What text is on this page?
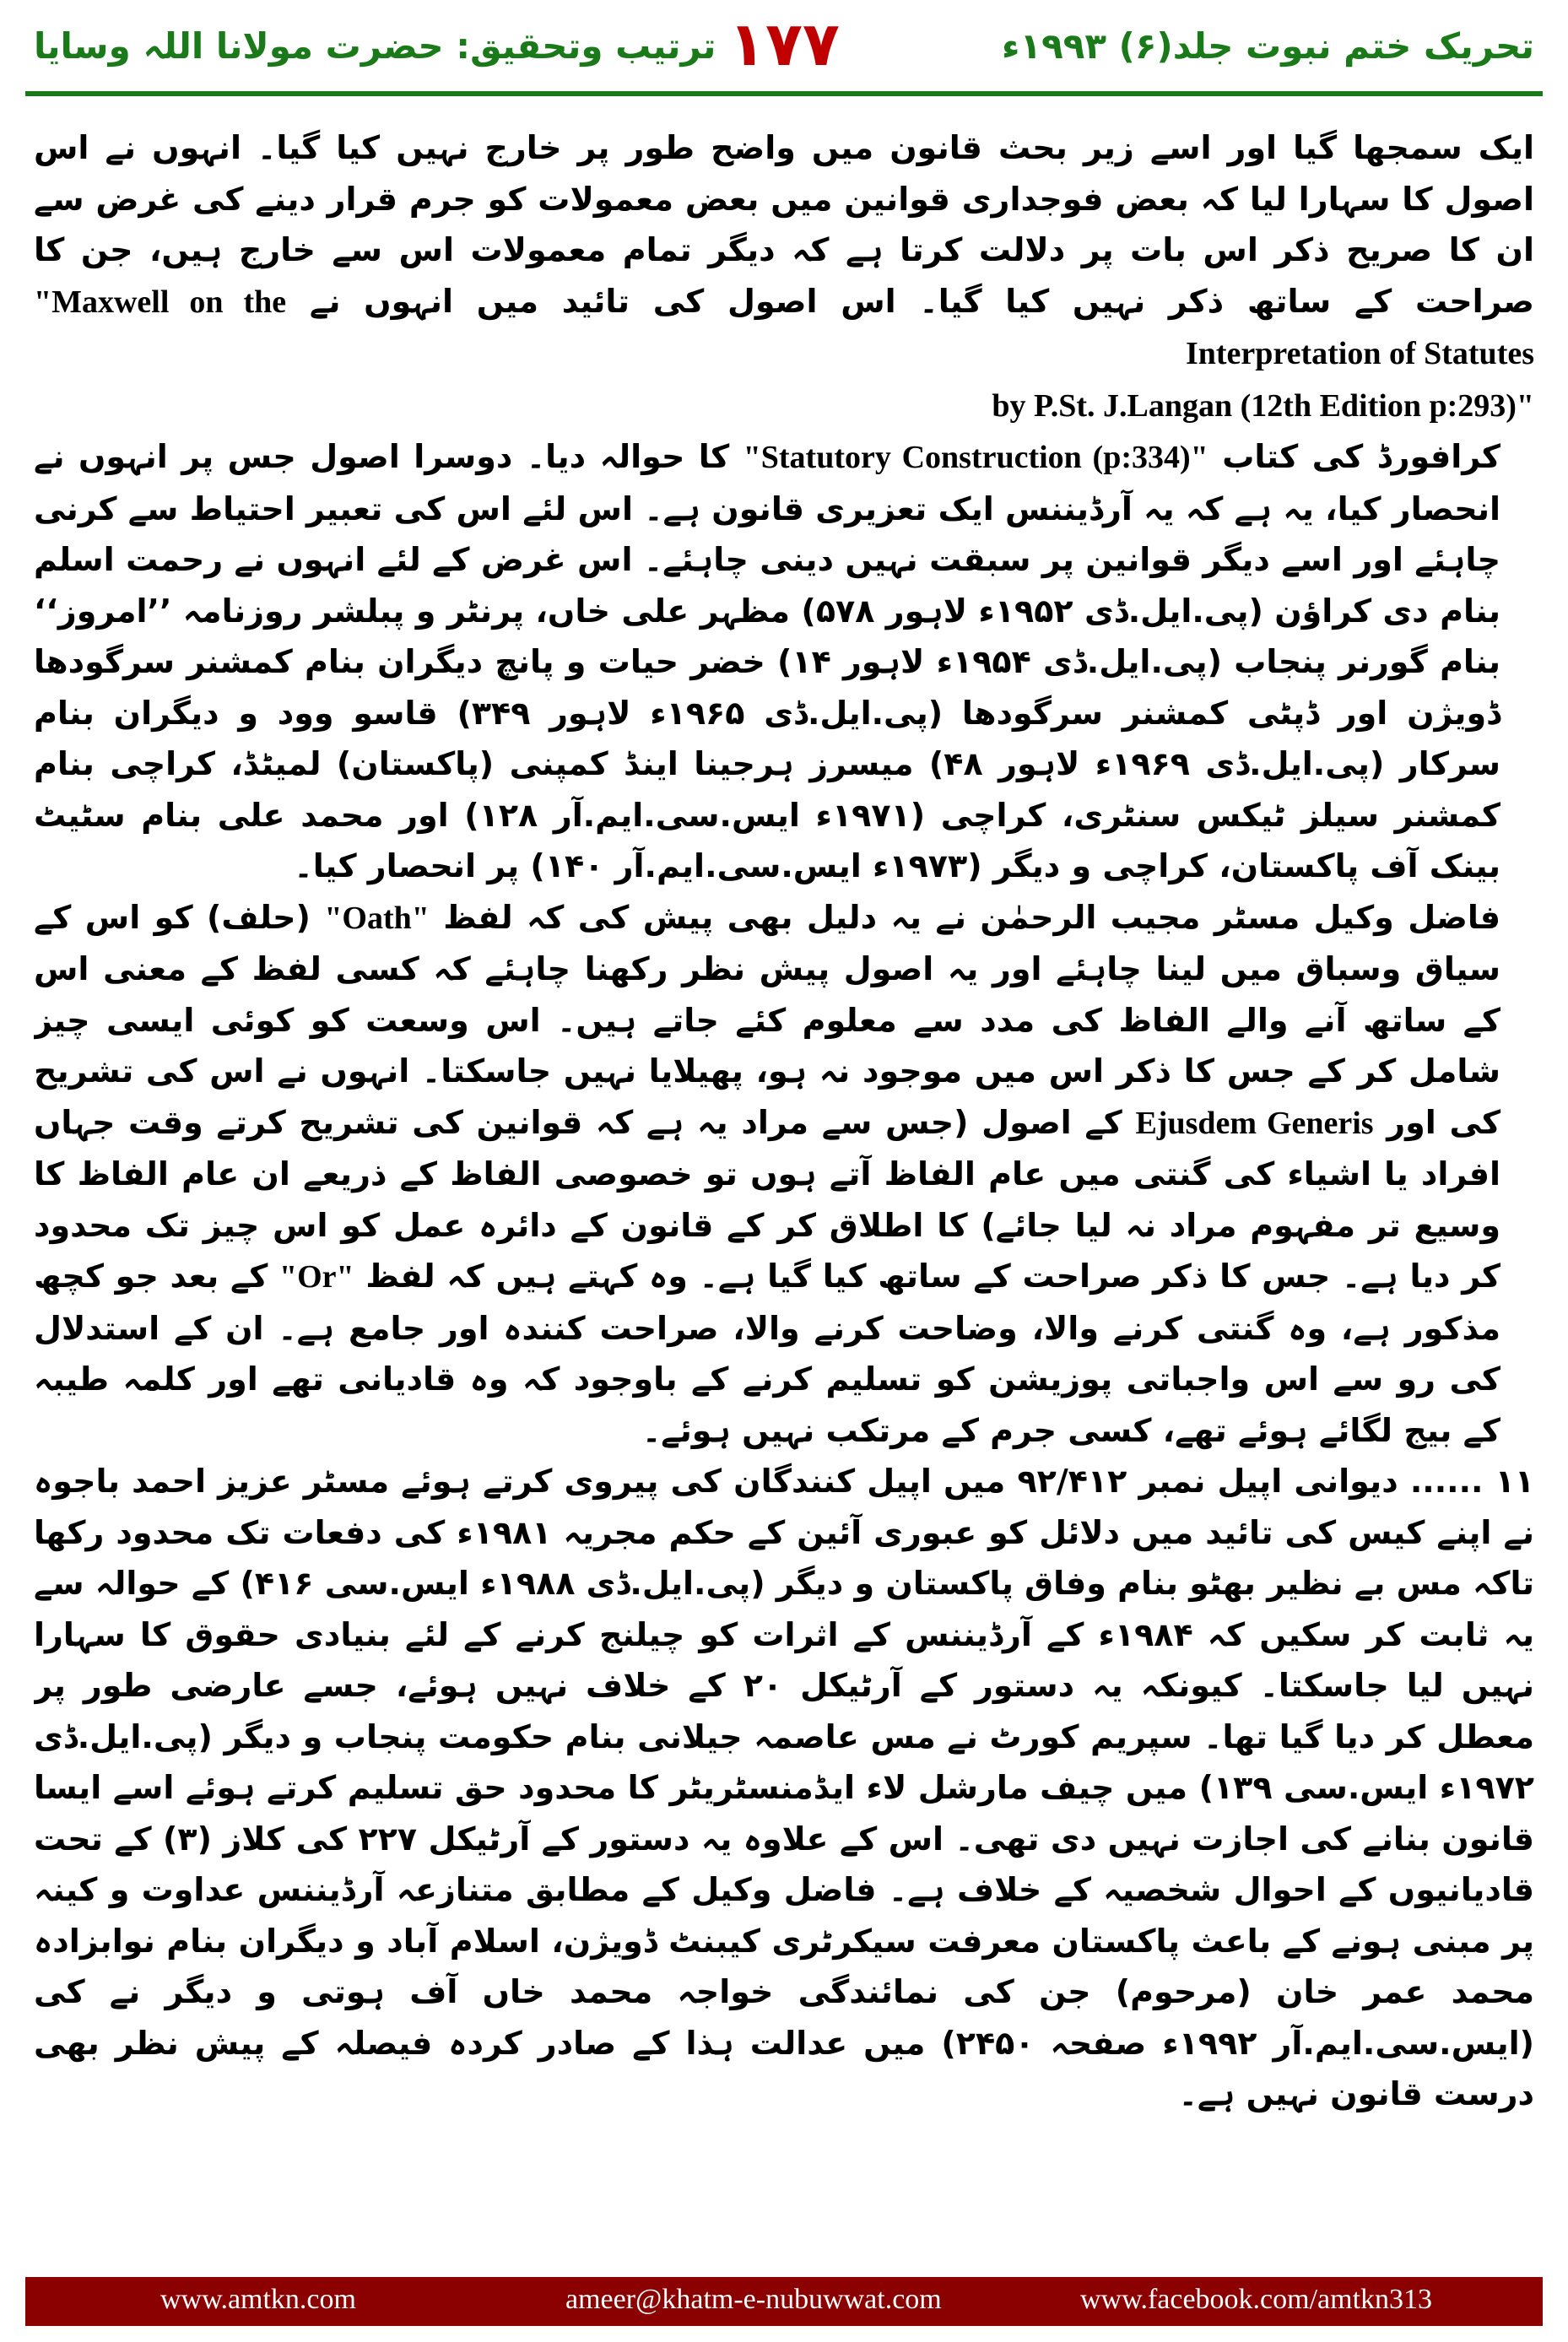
تحریک ختم نبوت جلد(۶) ۱۹۹۳ء
۱۷۷
ترتیب وتحقیق: حضرت مولانا اللہ وسایا

ایک سمجھا گیا اور اسے زیر بحث قانون میں واضح طور پر خارج نہیں کیا گیا۔ انہوں نے اس اصول کا سہارا لیا کہ بعض فوجداری قوانین میں بعض معمولات کو جرم قرار دینے کی غرض سے ان کا صریح ذکر اس بات پر دلالت کرتا ہے کہ دیگر تمام معمولات اس سے خارج ہیں، جن کا صراحت کے ساتھ ذکر نہیں کیا گیا۔ اس اصول کی تائید میں انہوں نے "Maxwell on the Interpretation of Statutes

by P.St. J.Langan (12th Edition p:293)"

کرافورڈ کی کتاب "Statutory Construction (p:334)" کا حوالہ دیا۔ دوسرا اصول جس پر انہوں نے انحصار کیا، یہ ہے کہ یہ آرڈیننس ایک تعزیری قانون ہے۔ اس لئے اس کی تعبیر احتیاط سے کرنی چاہئے اور اسے دیگر قوانین پر سبقت نہیں دینی چاہئے۔ اس غرض کے لئے انہوں نے رحمت اسلم بنام دی کراؤن (پی.ایل.ڈی ۱۹۵۲ء لاہور ۵۷۸) مظہر علی خاں، پرنٹر و پبلشر روزنامہ ’’امروز‘‘ بنام گورنر پنجاب (پی.ایل.ڈی ۱۹۵۴ء لاہور ۱۴) خضر حیات و پانچ دیگران بنام کمشنر سرگودھا ڈویژن اور ڈپٹی کمشنر سرگودھا (پی.ایل.ڈی ۱۹۶۵ء لاہور ۳۴۹) قاسو وود و دیگران بنام سرکار (پی.ایل.ڈی ۱۹۶۹ء لاہور ۴۸) میسرز ہرجینا اینڈ کمپنی (پاکستان) لمیٹڈ، کراچی بنام کمشنر سیلز ٹیکس سنٹری، کراچی (۱۹۷۱ء ایس.سی.ایم.آر ۱۲۸) اور محمد علی بنام سٹیٹ بینک آف پاکستان، کراچی و دیگر (۱۹۷۳ء ایس.سی.ایم.آر ۱۴۰) پر انحصار کیا۔

فاضل وکیل مسٹر مجیب الرحمٰن نے یہ دلیل بھی پیش کی کہ لفظ "Oath" (حلف) کو اس کے سیاق وسباق میں لینا چاہئے اور یہ اصول پیش نظر رکھنا چاہئے کہ کسی لفظ کے معنی اس کے ساتھ آنے والے الفاظ کی مدد سے معلوم کئے جاتے ہیں۔ اس وسعت کو کوئی ایسی چیز شامل کر کے جس کا ذکر اس میں موجود نہ ہو، پھیلایا نہیں جاسکتا۔ انہوں نے اس کی تشریح کی اور Ejusdem Generis کے اصول (جس سے مراد یہ ہے کہ قوانین کی تشریح کرتے وقت جہاں افراد یا اشیاء کی گنتی میں عام الفاظ آتے ہوں تو خصوصی الفاظ کے ذریعے ان عام الفاظ کا وسیع تر مفہوم مراد نہ لیا جائے) کا اطلاق کر کے قانون کے دائرہ عمل کو اس چیز تک محدود کر دیا ہے۔ جس کا ذکر صراحت کے ساتھ کیا گیا ہے۔ وہ کہتے ہیں کہ لفظ "Or" کے بعد جو کچھ مذکور ہے، وہ گنتی کرنے والا، وضاحت کرنے والا، صراحت کنندہ اور جامع ہے۔ ان کے استدلال کی رو سے اس واجباتی پوزیشن کو تسلیم کرنے کے باوجود کہ وہ قادیانی تھے اور کلمہ طیبہ کے بیج لگائے ہوئے تھے، کسی جرم کے مرتکب نہیں ہوئے۔

۱۱ ...... دیوانی اپیل نمبر ۹۲/۴۱۲ میں اپیل کنندگان کی پیروی کرتے ہوئے مسٹر عزیز احمد باجوہ نے اپنے کیس کی تائید میں دلائل کو عبوری آئین کے حکم مجریہ ۱۹۸۱ء کی دفعات تک محدود رکھا تاکہ مس بے نظیر بھٹو بنام وفاق پاکستان و دیگر (پی.ایل.ڈی ۱۹۸۸ء ایس.سی ۴۱۶) کے حوالہ سے یہ ثابت کر سکیں کہ ۱۹۸۴ء کے آرڈیننس کے اثرات کو چیلنج کرنے کے لئے بنیادی حقوق کا سہارا نہیں لیا جاسکتا۔ کیونکہ یہ دستور کے آرٹیکل ۲۰ کے خلاف نہیں ہوئے، جسے عارضی طور پر معطل کر دیا گیا تھا۔ سپریم کورٹ نے مس عاصمہ جیلانی بنام حکومت پنجاب و دیگر (پی.ایل.ڈی ۱۹۷۲ء ایس.سی ۱۳۹) میں چیف مارشل لاء ایڈمنسٹریٹر کا محدود حق تسلیم کرتے ہوئے اسے ایسا قانون بنانے کی اجازت نہیں دی تھی۔ اس کے علاوہ یہ دستور کے آرٹیکل ۲۲۷ کی کلاز (۳) کے تحت قادیانیوں کے احوال شخصیہ کے خلاف ہے۔ فاضل وکیل کے مطابق متنازعہ آرڈیننس عداوت و کینہ پر مبنی ہونے کے باعث پاکستان معرفت سیکرٹری کیبنٹ ڈویژن، اسلام آباد و دیگران بنام نوابزادہ محمد عمر خان (مرحوم) جن کی نمائندگی خواجہ محمد خاں آف ہوتی و دیگر نے کی (ایس.سی.ایم.آر ۱۹۹۲ء صفحہ ۲۴۵۰) میں عدالت ہذا کے صادر کردہ فیصلہ کے پیش نظر بھی درست قانون نہیں ہے۔

www.amtkn.com	ameer@khatm-e-nubuwwat.com	www.facebook.com/amtkn313
